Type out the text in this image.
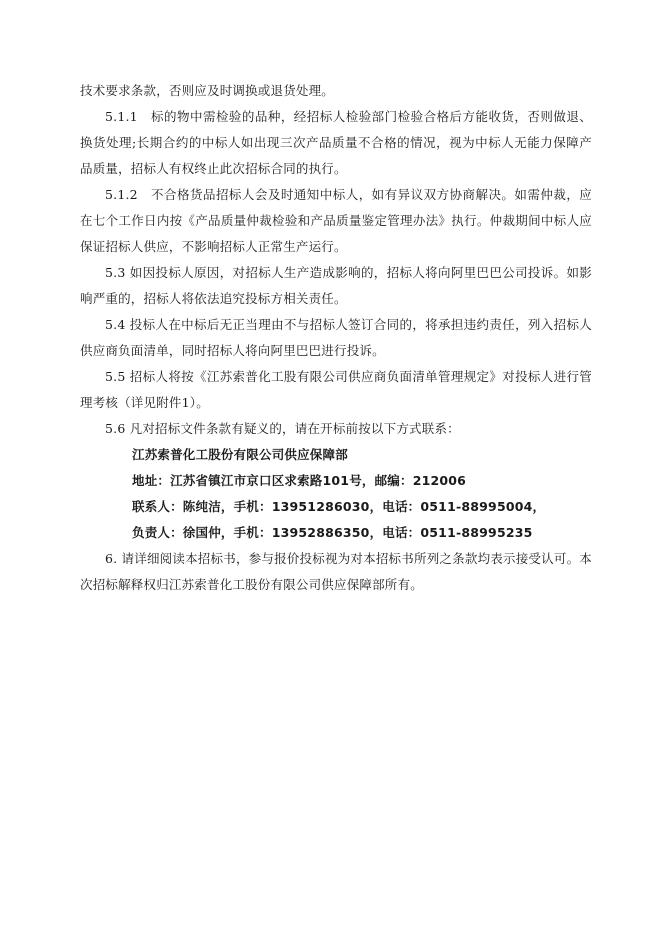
技术要求条款，否则应及时调换或退货处理。

5.1.1　标的物中需检验的品种，经招标人检验部门检验合格后方能收货，否则做退、换货处理;长期合约的中标人如出现三次产品质量不合格的情况，视为中标人无能力保障产品质量，招标人有权终止此次招标合同的执行。

5.1.2　不合格货品招标人会及时通知中标人，如有异议双方协商解决。如需仲裁，应在七个工作日内按《产品质量仲裁检验和产品质量鉴定管理办法》执行。仲裁期间中标人应保证招标人供应，不影响招标人正常生产运行。

5.3 如因投标人原因，对招标人生产造成影响的，招标人将向阿里巴巴公司投诉。如影响严重的，招标人将依法追究投标方相关责任。

5.4 投标人在中标后无正当理由不与招标人签订合同的，将承担违约责任，列入招标人供应商负面清单，同时招标人将向阿里巴巴进行投诉。

5.5 招标人将按《江苏索普化工股有限公司供应商负面清单管理规定》对投标人进行管理考核（详见附件1）。

5.6 凡对招标文件条款有疑义的，请在开标前按以下方式联系：

江苏索普化工股份有限公司供应保障部

地址：江苏省镇江市京口区求索路101号，邮编：212006

联系人：陈纯洁，手机：13951286030，电话：0511-88995004，

负责人：徐国仲，手机：13952886350，电话：0511-88995235

6. 请详细阅读本招标书，参与报价投标视为对本招标书所列之条款均表示接受认可。本次招标解释权归江苏索普化工股份有限公司供应保障部所有。
